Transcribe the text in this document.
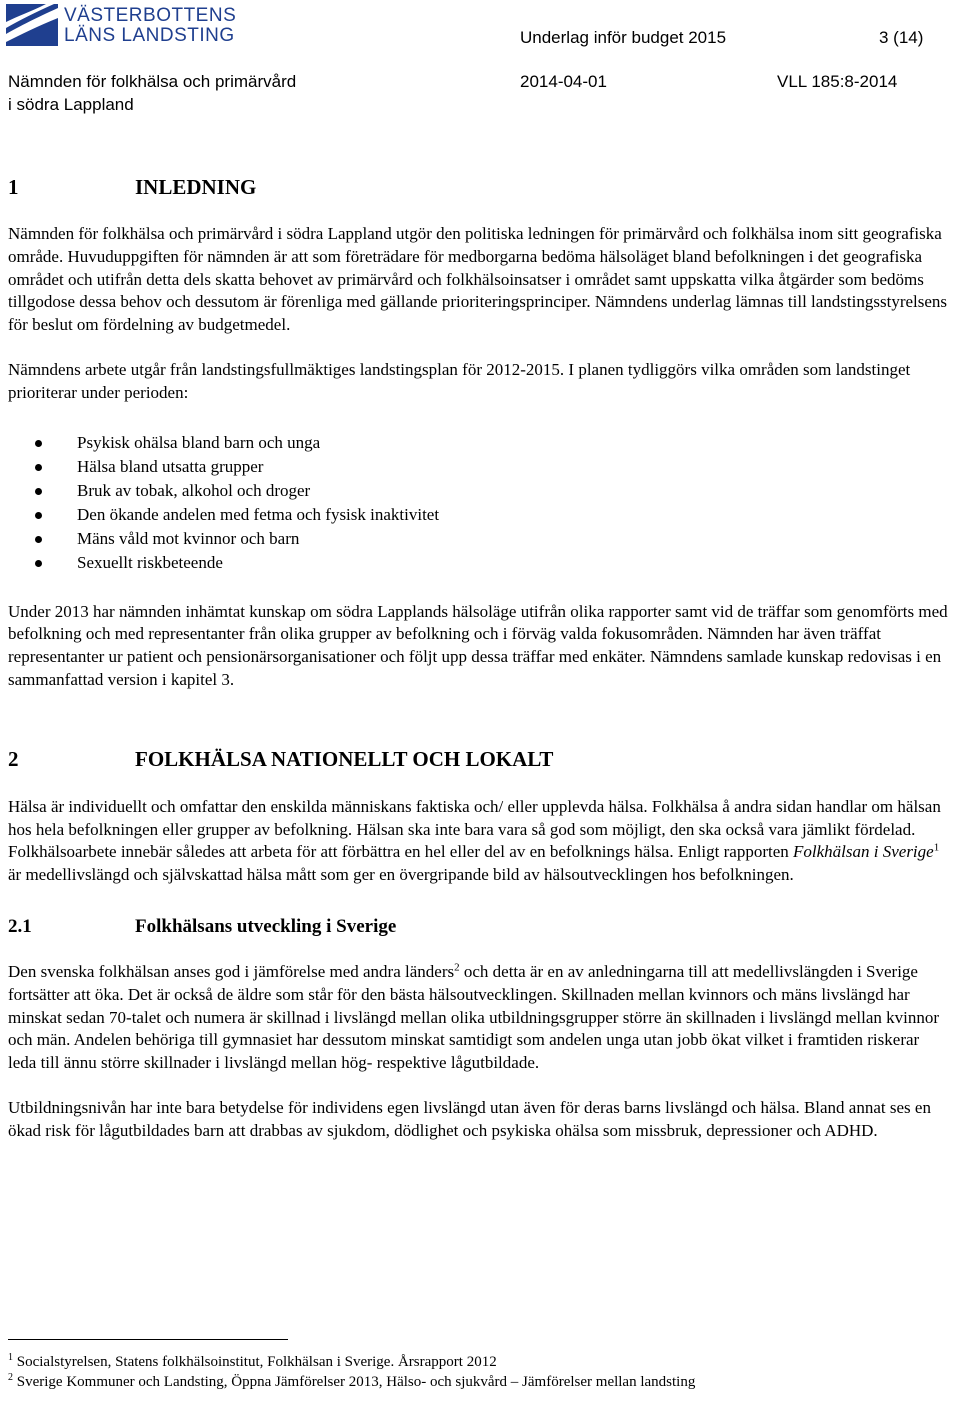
VÄSTERBOTTENS
LÄNS LANDSTING	Underlag inför budget 2015	3 (14)
Nämnden för folkhälsa och primärvård
i södra Lappland
2014-04-01	VLL 185:8-2014
1	INLEDNING

Nämnden för folkhälsa och primärvård i södra Lappland utgör den politiska ledningen för primärvård och folkhälsa inom sitt geografiska område. Huvuduppgiften för nämnden är att som företrädare för medborgarna bedöma hälsoläget bland befolkningen i det geografiska området och utifrån detta dels skatta behovet av primärvård och folkhälsoinsatser i området samt uppskatta vilka åtgärder som bedöms tillgodose dessa behov och dessutom är förenliga med gällande prioriteringsprinciper. Nämndens underlag lämnas till landstingsstyrelsens för beslut om fördelning av budgetmedel.

Nämndens arbete utgår från landstingsfullmäktiges landstingsplan för 2012-2015. I planen tydliggörs vilka områden som landstinget prioriterar under perioden:

Psykisk ohälsa bland barn och unga
Hälsa bland utsatta grupper
Bruk av tobak, alkohol och droger
Den ökande andelen med fetma och fysisk inaktivitet
Mäns våld mot kvinnor och barn
Sexuellt riskbeteende

Under 2013 har nämnden inhämtat kunskap om södra Lapplands hälsoläge utifrån olika rapporter samt vid de träffar som genomförts med befolkning och med representanter från olika grupper av befolkning och i förväg valda fokusområden. Nämnden har även träffat representanter ur patient och pensionärsorganisationer och följt upp dessa träffar med enkäter. Nämndens samlade kunskap redovisas i en sammanfattad version i kapitel 3.

2	FOLKHÄLSA NATIONELLT OCH LOKALT

Hälsa är individuellt och omfattar den enskilda människans faktiska och/ eller upplevda hälsa. Folkhälsa å andra sidan handlar om hälsan hos hela befolkningen eller grupper av befolkning. Hälsan ska inte bara vara så god som möjligt, den ska också vara jämlikt fördelad. Folkhälsoarbete innebär således att arbeta för att förbättra en hel eller del av en befolknings hälsa. Enligt rapporten Folkhälsan i Sverige$^1$ är medellivslängd och självskattad hälsa mått som ger en övergripande bild av hälsoutvecklingen hos befolkningen.

2.1	Folkhälsans utveckling i Sverige

Den svenska folkhälsan anses god i jämförelse med andra länders$^2$ och detta är en av anledningarna till att medellivslängden i Sverige fortsätter att öka. Det är också de äldre som står för den bästa hälsoutvecklingen. Skillnaden mellan kvinnors och mäns livslängd har minskat sedan 70-talet och numera är skillnad i livslängd mellan olika utbildningsgrupper större än skillnaden i livslängd mellan kvinnor och män. Andelen behöriga till gymnasiet har dessutom minskat samtidigt som andelen unga utan jobb ökat vilket i framtiden riskerar leda till ännu större skillnader i livslängd mellan hög- respektive lågutbildade.

Utbildningsnivån har inte bara betydelse för individens egen livslängd utan även för deras barns livslängd och hälsa. Bland annat ses en ökad risk för lågutbildades barn att drabbas av sjukdom, dödlighet och psykiska ohälsa som missbruk, depressioner och ADHD.

$^1$ Socialstyrelsen, Statens folkhälsoinstitut, Folkhälsan i Sverige. Årsrapport 2012

$^2$ Sverige Kommuner och Landsting, Öppna Jämförelser 2013, Hälso- och sjukvård – Jämförelser mellan landsting
